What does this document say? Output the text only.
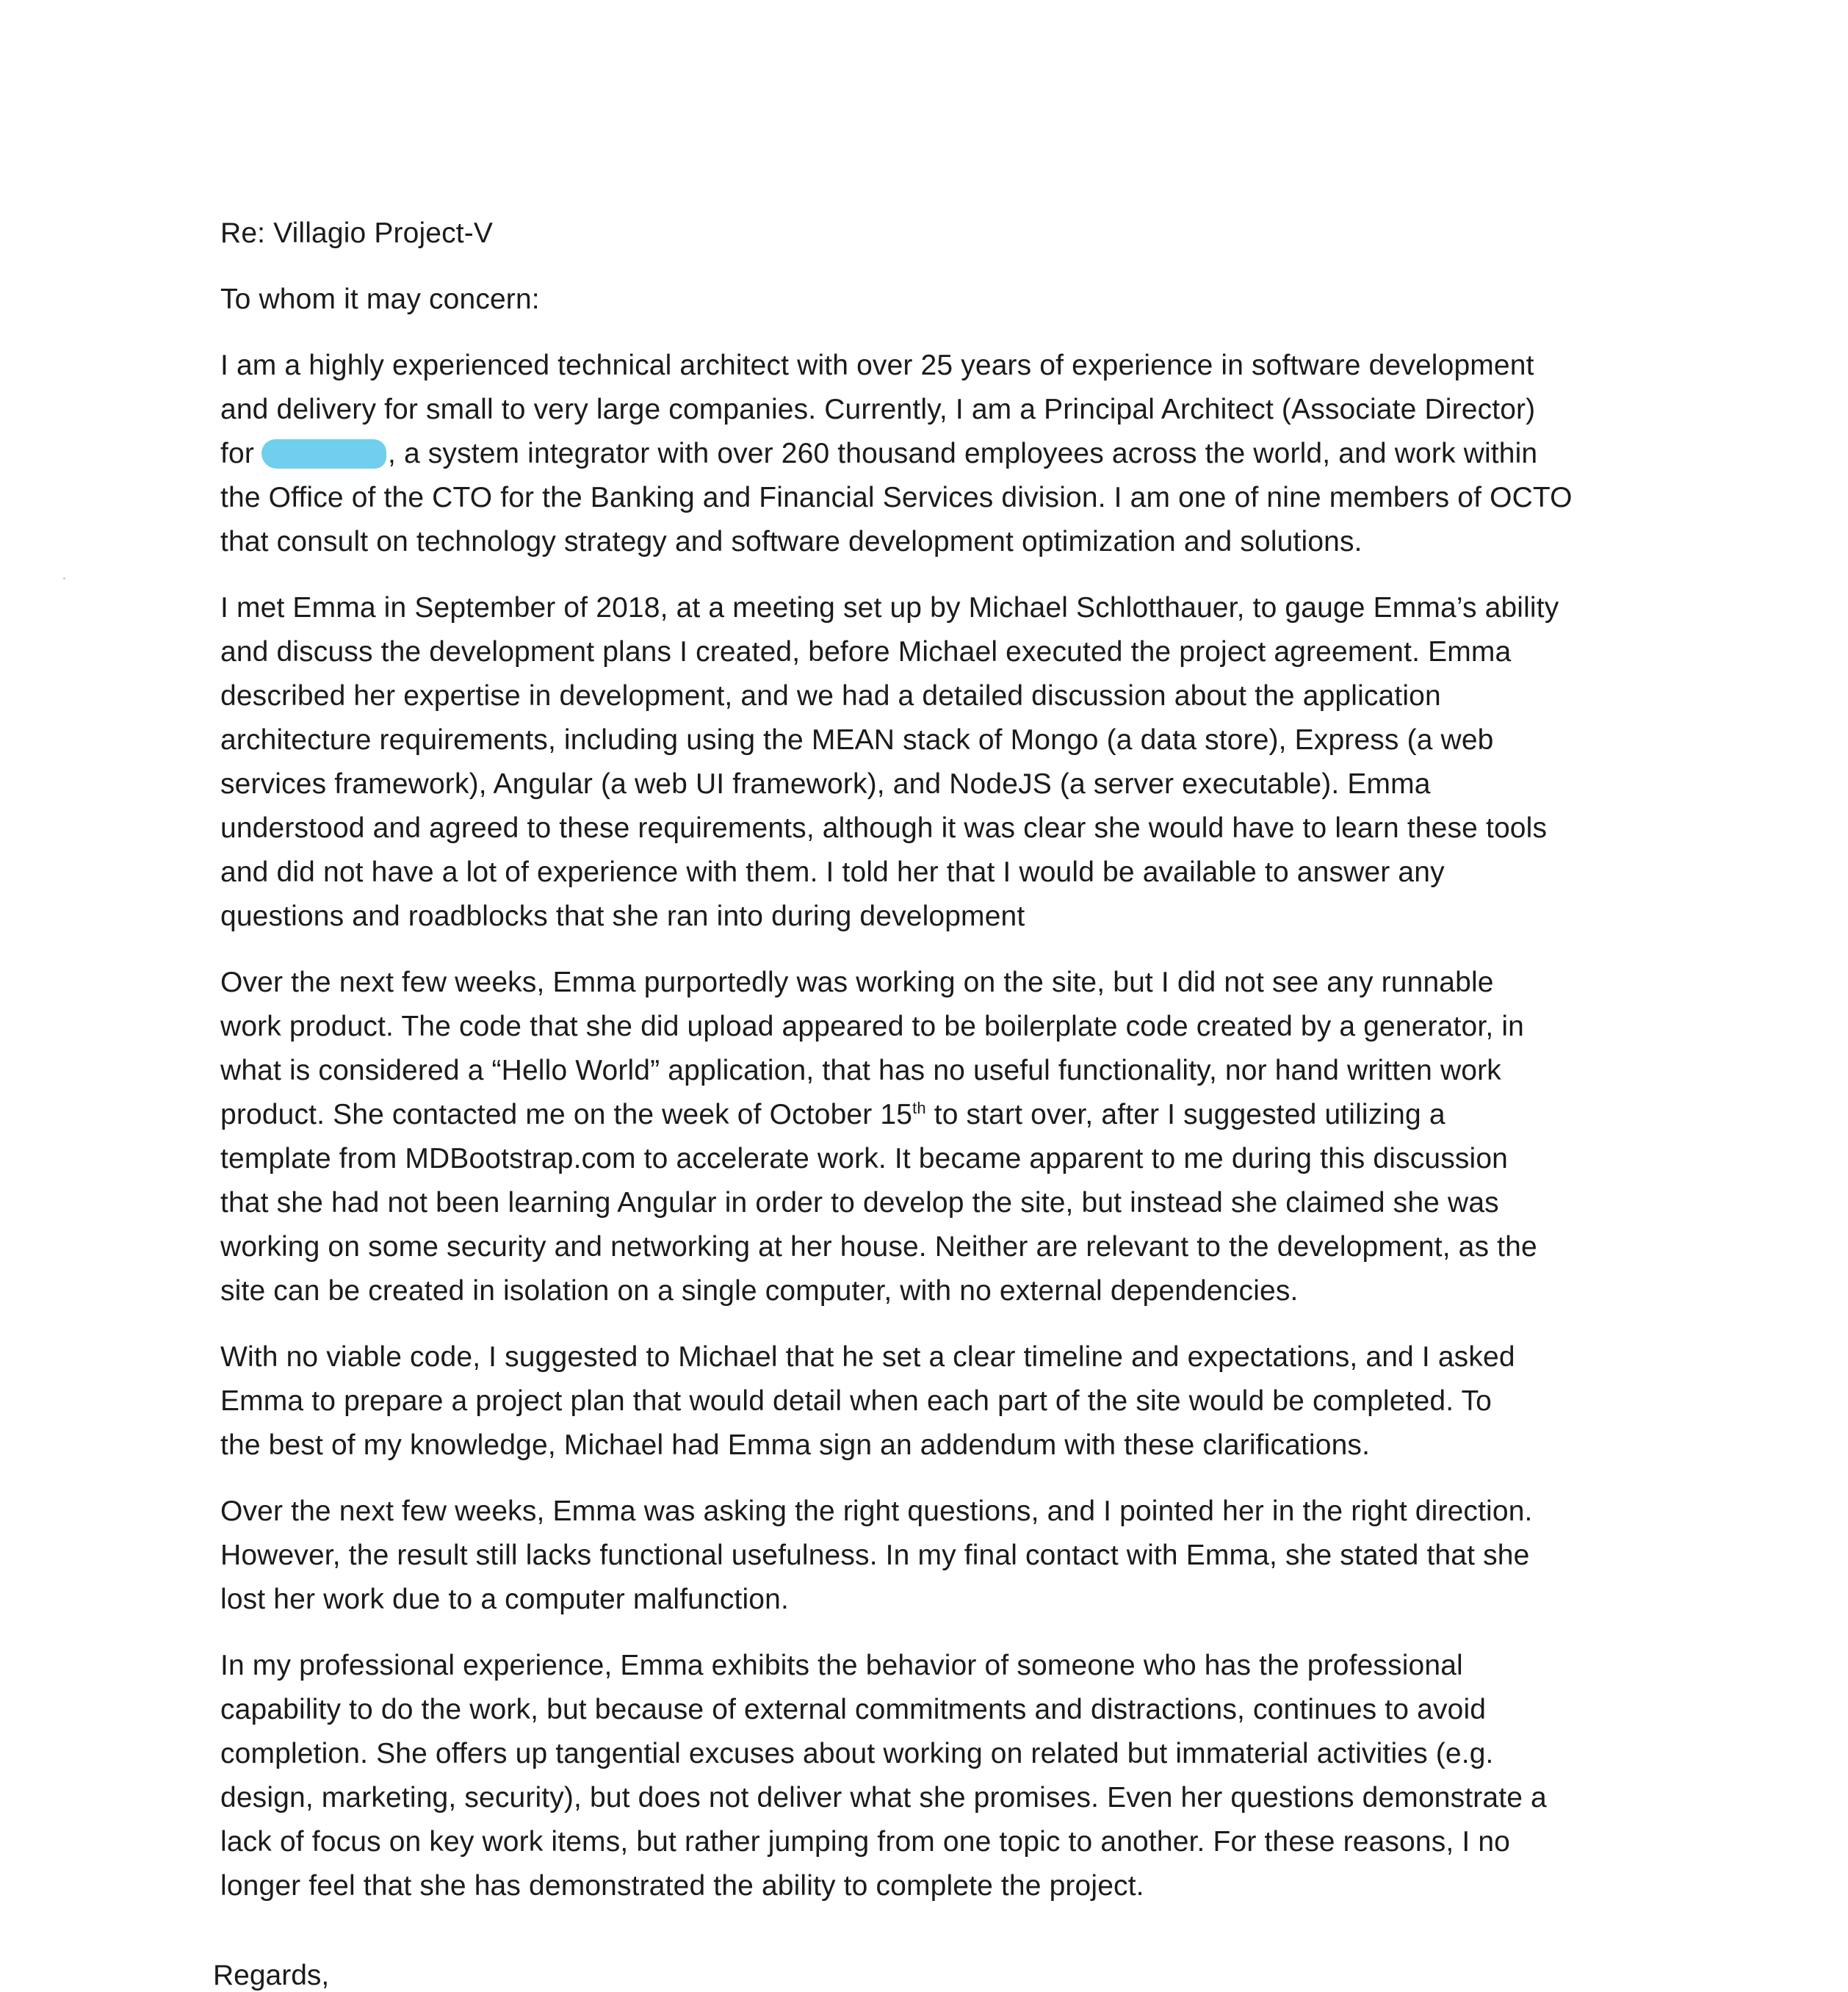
Re: Villagio Project-V

To whom it may concern:

I am a highly experienced technical architect with over 25 years of experience in software development
and delivery for small to very large companies. Currently, I am a Principal Architect (Associate Director)
for	, a system integrator with over 260 thousand employees across the world, and work within
the Office of the CTO for the Banking and Financial Services division. I am one of nine members of OCTO
that consult on technology strategy and software development optimization and solutions.

I met Emma in September of 2018, at a meeting set up by Michael Schlotthauer, to gauge Emma’s ability
and discuss the development plans I created, before Michael executed the project agreement. Emma
described her expertise in development, and we had a detailed discussion about the application
architecture requirements, including using the MEAN stack of Mongo (a data store), Express (a web
services framework), Angular (a web UI framework), and NodeJS (a server executable). Emma
understood and agreed to these requirements, although it was clear she would have to learn these tools
and did not have a lot of experience with them. I told her that I would be available to answer any
questions and roadblocks that she ran into during development

Over the next few weeks, Emma purportedly was working on the site, but I did not see any runnable
work product. The code that she did upload appeared to be boilerplate code created by a generator, in
what is considered a “Hello World” application, that has no useful functionality, nor hand written work
product. She contacted me on the week of October 15th to start over, after I suggested utilizing a
template from MDBootstrap.com to accelerate work. It became apparent to me during this discussion
that she had not been learning Angular in order to develop the site, but instead she claimed she was
working on some security and networking at her house. Neither are relevant to the development, as the
site can be created in isolation on a single computer, with no external dependencies.

With no viable code, I suggested to Michael that he set a clear timeline and expectations, and I asked
Emma to prepare a project plan that would detail when each part of the site would be completed. To
the best of my knowledge, Michael had Emma sign an addendum with these clarifications.

Over the next few weeks, Emma was asking the right questions, and I pointed her in the right direction.
However, the result still lacks functional usefulness. In my final contact with Emma, she stated that she
lost her work due to a computer malfunction.

In my professional experience, Emma exhibits the behavior of someone who has the professional
capability to do the work, but because of external commitments and distractions, continues to avoid
completion. She offers up tangential excuses about working on related but immaterial activities (e.g.
design, marketing, security), but does not deliver what she promises. Even her questions demonstrate a
lack of focus on key work items, but rather jumping from one topic to another. For these reasons, I no
longer feel that she has demonstrated the ability to complete the project.

Regards,
